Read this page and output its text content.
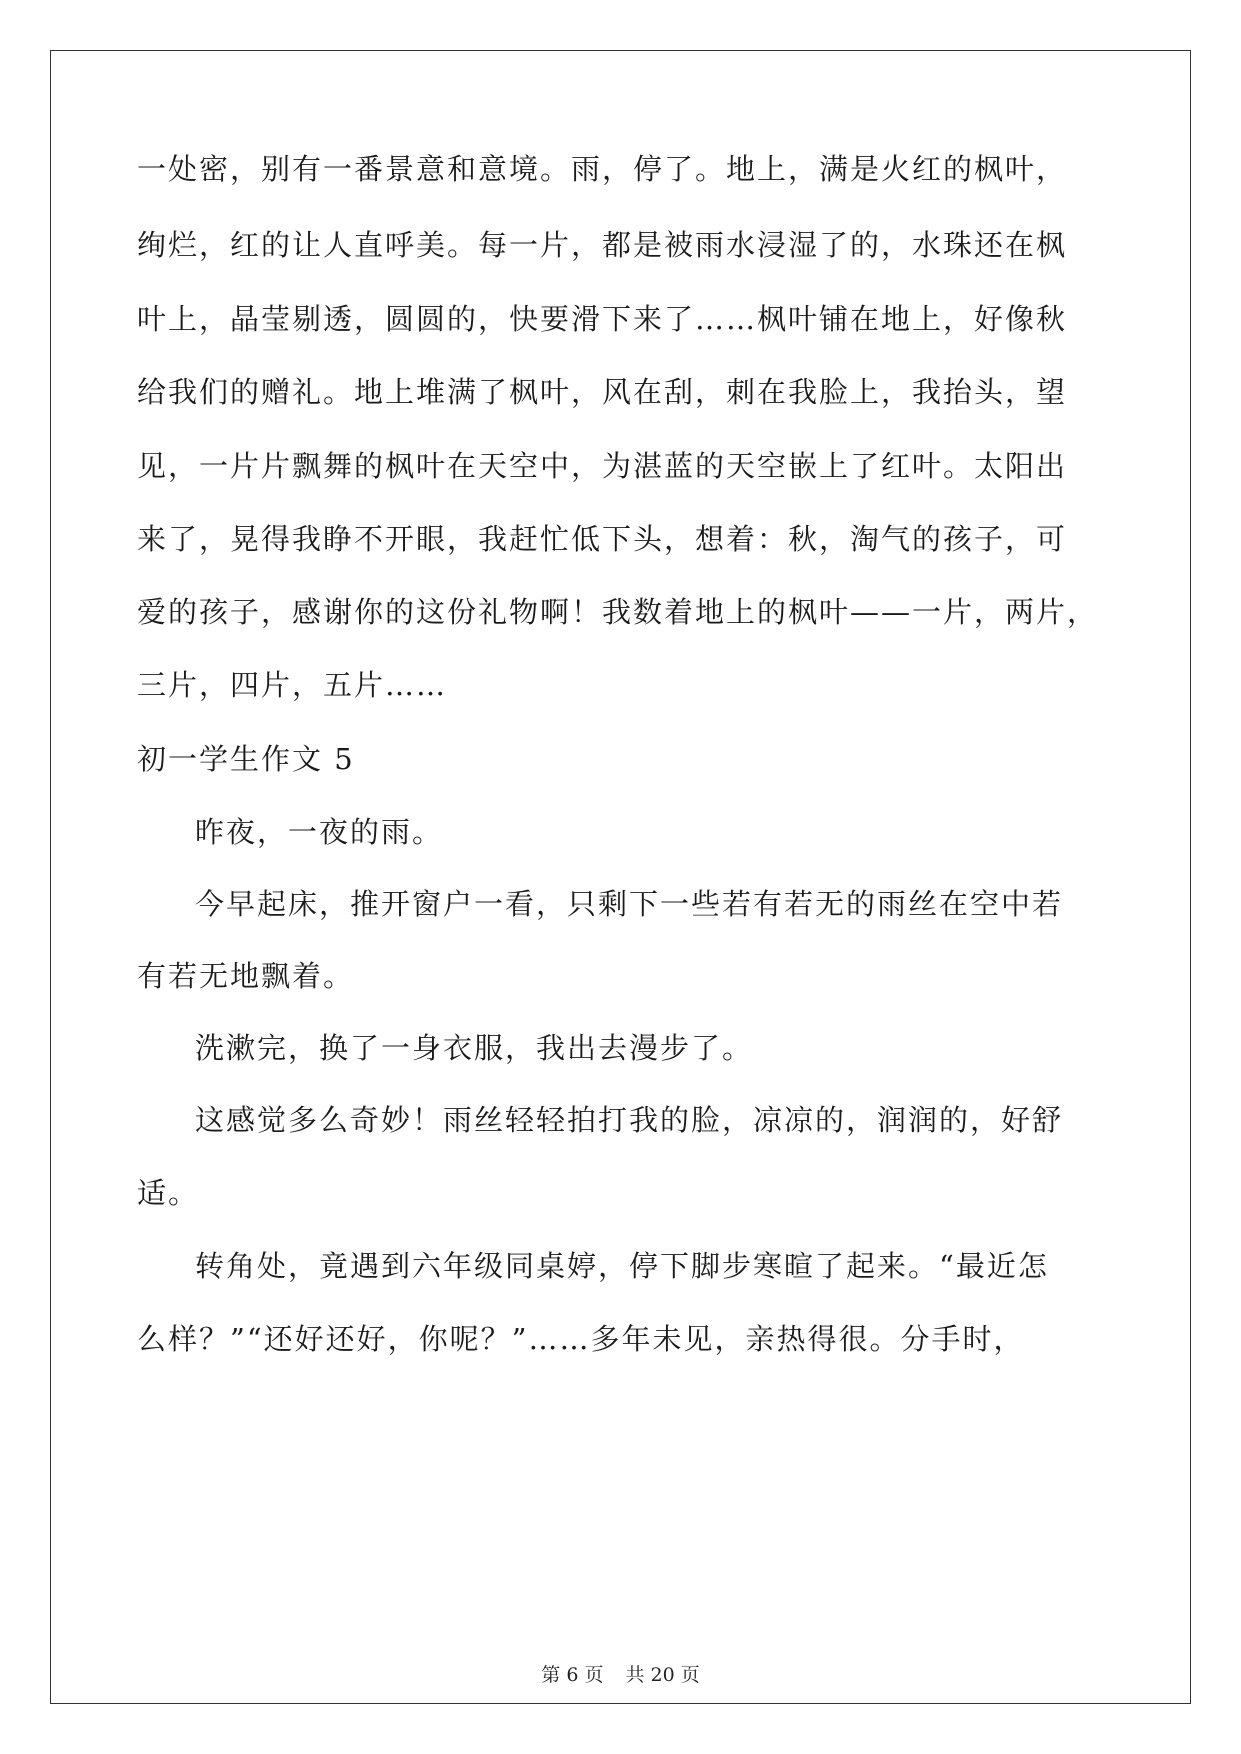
一处密，别有一番景意和意境。雨，停了。地上，满是火红的枫叶，

绚烂，红的让人直呼美。每一片，都是被雨水浸湿了的，水珠还在枫

叶上，晶莹剔透，圆圆的，快要滑下来了……枫叶铺在地上，好像秋

给我们的赠礼。地上堆满了枫叶，风在刮，刺在我脸上，我抬头，望

见，一片片飘舞的枫叶在天空中，为湛蓝的天空嵌上了红叶。太阳出

来了，晃得我睁不开眼，我赶忙低下头，想着：秋，淘气的孩子，可

爱的孩子，感谢你的这份礼物啊！我数着地上的枫叶——一片，两片，

三片，四片，五片……

初一学生作文 5

昨夜，一夜的雨。

今早起床，推开窗户一看，只剩下一些若有若无的雨丝在空中若

有若无地飘着。

洗漱完，换了一身衣服，我出去漫步了。

这感觉多么奇妙！雨丝轻轻拍打我的脸，凉凉的，润润的，好舒

适。

转角处，竟遇到六年级同桌婷，停下脚步寒暄了起来。“最近怎

么样？”“还好还好，你呢？”……多年未见，亲热得很。分手时，

第 6 页 共 20 页
